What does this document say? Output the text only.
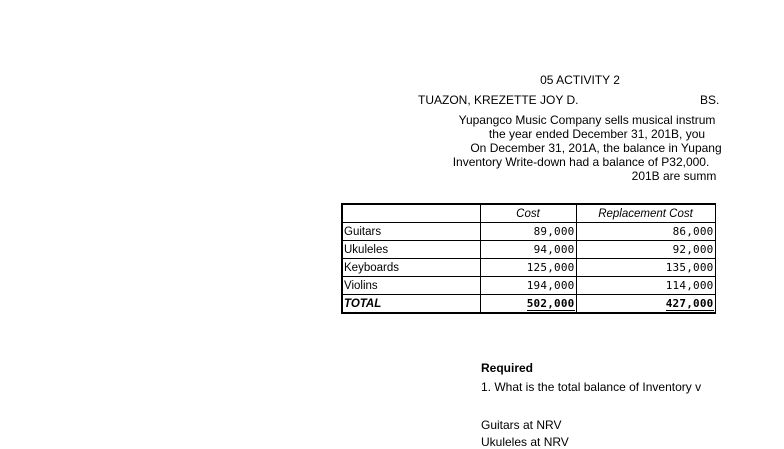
05 ACTIVITY 2
TUAZON, KREZETTE JOY D.	BS.
Yupangco Music Company sells musical instrum
the year ended December 31, 201B, you
On December 31, 201A, the balance in Yupang
Inventory Write-down had a balance of P32,000.
201B are summ
	Cost	Replacement Cost
Guitars	89,000	86,000
Ukuleles	94,000	92,000
Keyboards	125,000	135,000
Violins	194,000	114,000
TOTAL	502,000	427,000
Required
1. What is the total balance of Inventory v
Guitars at NRV
Ukuleles at NRV
